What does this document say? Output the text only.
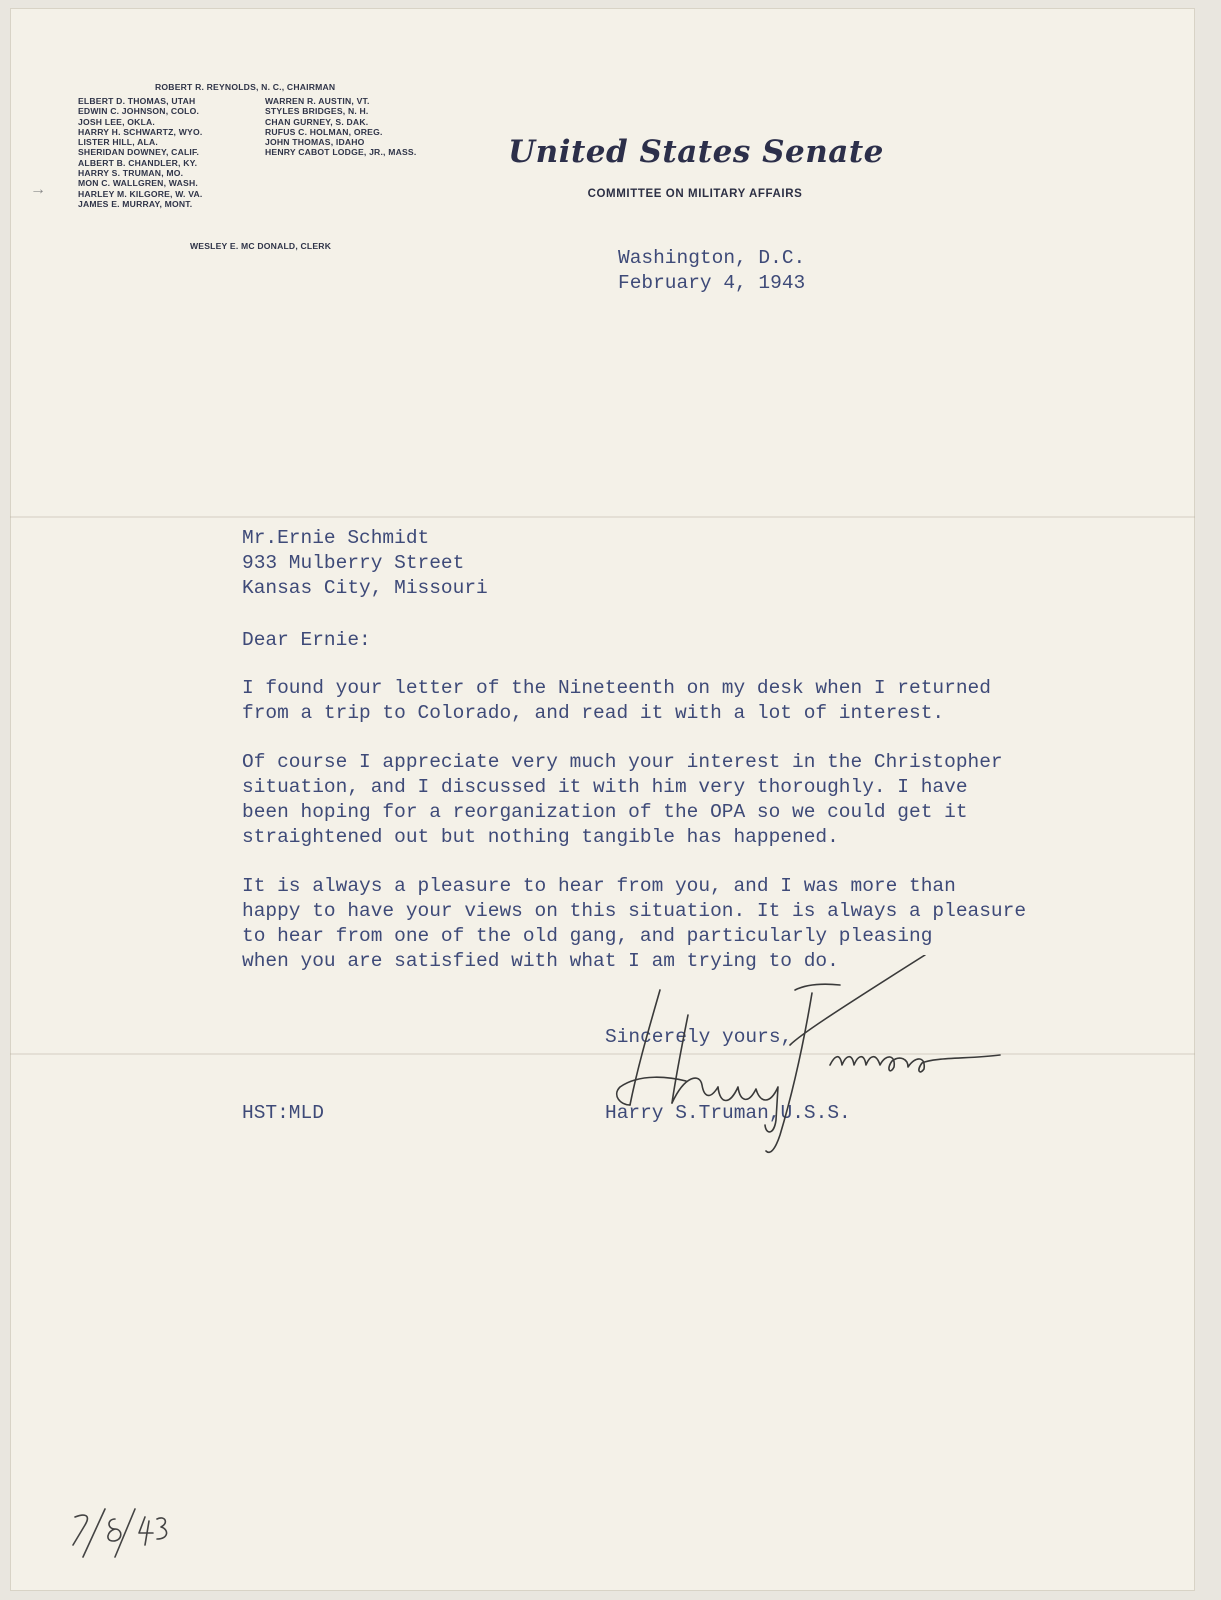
ROBERT R. REYNOLDS, N. C., CHAIRMAN

ELBERT D. THOMAS, UTAH

EDWIN C. JOHNSON, COLO.

JOSH LEE, OKLA.

HARRY H. SCHWARTZ, WYO.

LISTER HILL, ALA.

SHERIDAN DOWNEY, CALIF.

ALBERT B. CHANDLER, KY.

HARRY S. TRUMAN, MO.

MON C. WALLGREN, WASH.

HARLEY M. KILGORE, W. VA.

JAMES E. MURRAY, MONT.

→

WARREN R. AUSTIN, VT.

STYLES BRIDGES, N. H.

CHAN GURNEY, S. DAK.

RUFUS C. HOLMAN, OREG.

JOHN THOMAS, IDAHO

HENRY CABOT LODGE, JR., MASS.

WESLEY E. MC DONALD, CLERK
United States Senate
COMMITTEE ON MILITARY AFFAIRS
Washington, D.C.
February 4, 1943
Mr.Ernie Schmidt
933 Mulberry Street
Kansas City, Missouri
Dear Ernie:
I found your letter of the Nineteenth on my desk when I returned
from a trip to Colorado, and read it with a lot of interest.
Of course I appreciate very much your interest in the Christopher
situation, and I discussed it with him very thoroughly. I have
been hoping for a reorganization of the OPA so we could get it
straightened out but nothing tangible has happened.
It is always a pleasure to hear from you, and I was more than
happy to have your views on this situation. It is always a pleasure
to hear from one of the old gang, and particularly pleasing
when you are satisfied with what I am trying to do.
Sincerely yours,
Harry S.Truman,U.S.S.
HST:MLD
